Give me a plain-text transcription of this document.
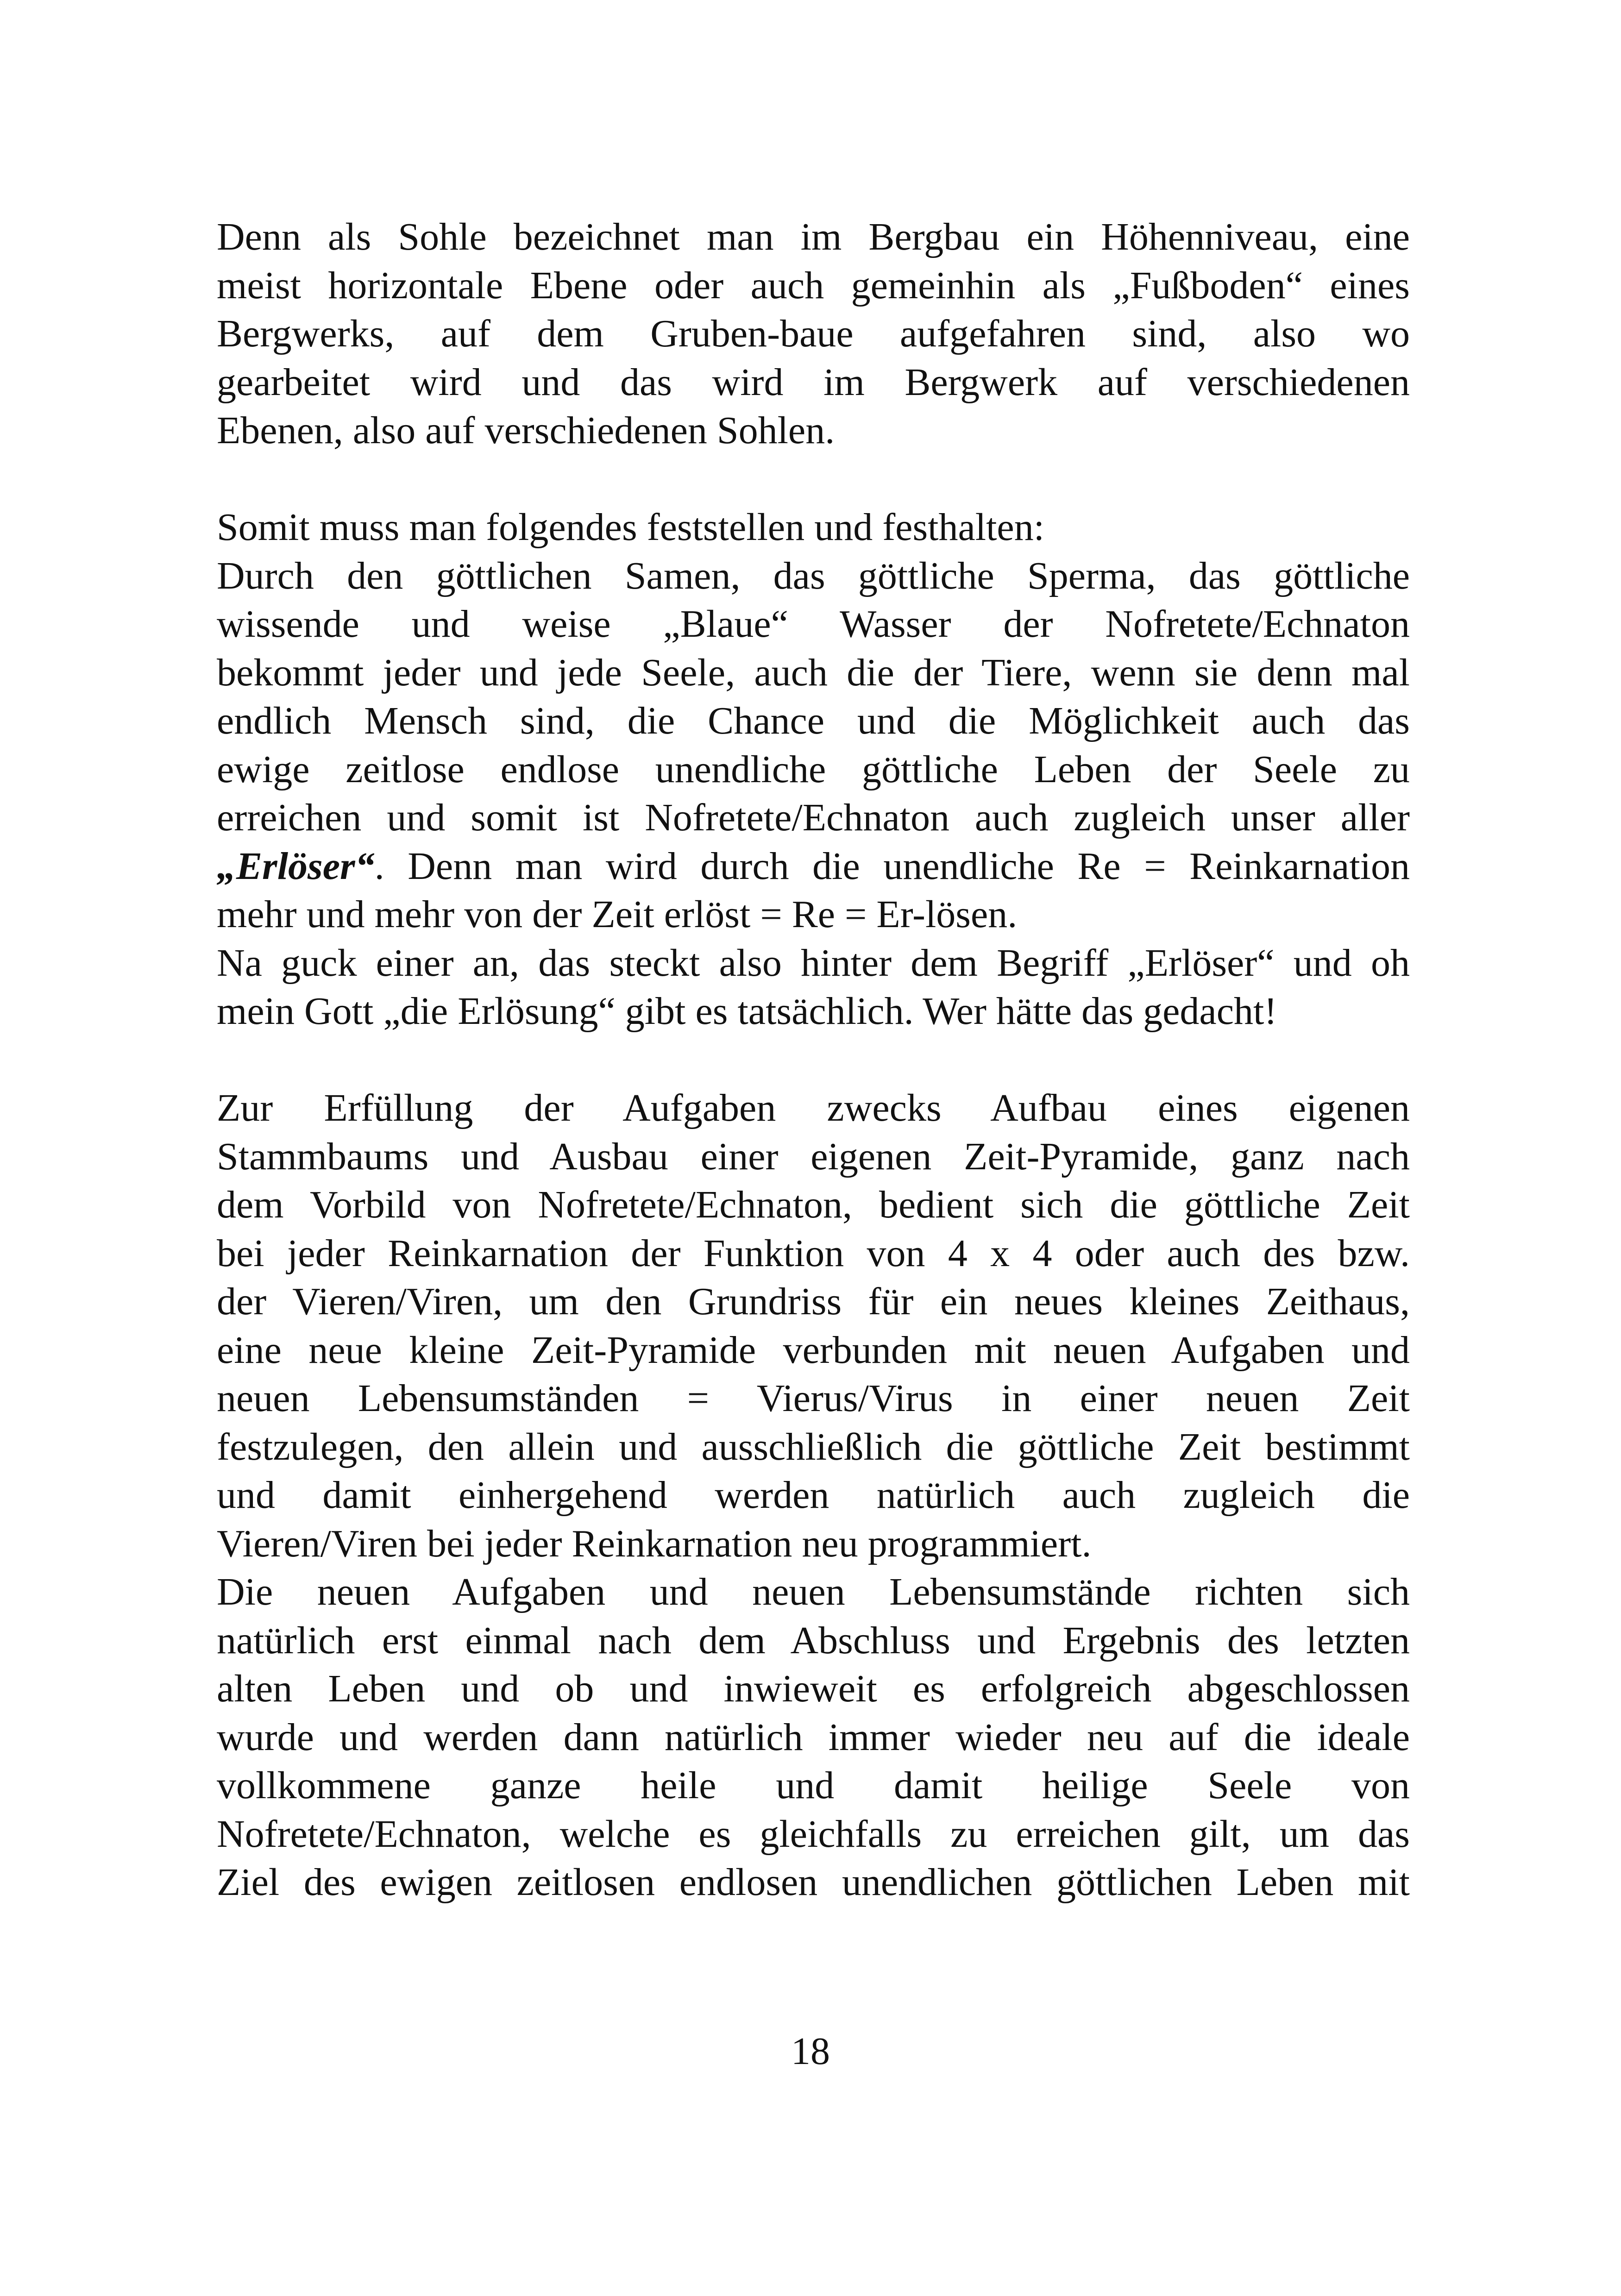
Denn als Sohle bezeichnet man im Bergbau ein Höhenniveau, eine
meist horizontale Ebene oder auch gemeinhin als „Fußboden“ eines
Bergwerks, auf dem Gruben-baue aufgefahren sind, also wo
gearbeitet wird und das wird im Bergwerk auf verschiedenen
Ebenen, also auf verschiedenen Sohlen.
Somit muss man folgendes feststellen und festhalten:
Durch den göttlichen Samen, das göttliche Sperma, das göttliche
wissende und weise „Blaue“ Wasser der Nofretete/Echnaton
bekommt jeder und jede Seele, auch die der Tiere, wenn sie denn mal
endlich Mensch sind, die Chance und die Möglichkeit auch das
ewige zeitlose endlose unendliche göttliche Leben der Seele zu
erreichen und somit ist Nofretete/Echnaton auch zugleich unser aller
„Erlöser“. Denn man wird durch die unendliche Re = Reinkarnation
mehr und mehr von der Zeit erlöst = Re = Er-lösen.
Na guck einer an, das steckt also hinter dem Begriff „Erlöser“ und oh
mein Gott „die Erlösung“ gibt es tatsächlich. Wer hätte das gedacht!
Zur Erfüllung der Aufgaben zwecks Aufbau eines eigenen
Stammbaums und Ausbau einer eigenen Zeit-Pyramide, ganz nach
dem Vorbild von Nofretete/Echnaton, bedient sich die göttliche Zeit
bei jeder Reinkarnation der Funktion von 4 x 4 oder auch des bzw.
der Vieren/Viren, um den Grundriss für ein neues kleines Zeithaus,
eine neue kleine Zeit-Pyramide verbunden mit neuen Aufgaben und
neuen Lebensumständen = Vierus/Virus in einer neuen Zeit
festzulegen, den allein und ausschließlich die göttliche Zeit bestimmt
und damit einhergehend werden natürlich auch zugleich die
Vieren/Viren bei jeder Reinkarnation neu programmiert.
Die neuen Aufgaben und neuen Lebensumstände richten sich
natürlich erst einmal nach dem Abschluss und Ergebnis des letzten
alten Leben und ob und inwieweit es erfolgreich abgeschlossen
wurde und werden dann natürlich immer wieder neu auf die ideale
vollkommene ganze heile und damit heilige Seele von
Nofretete/Echnaton, welche es gleichfalls zu erreichen gilt, um das
Ziel des ewigen zeitlosen endlosen unendlichen göttlichen Leben mit
18
